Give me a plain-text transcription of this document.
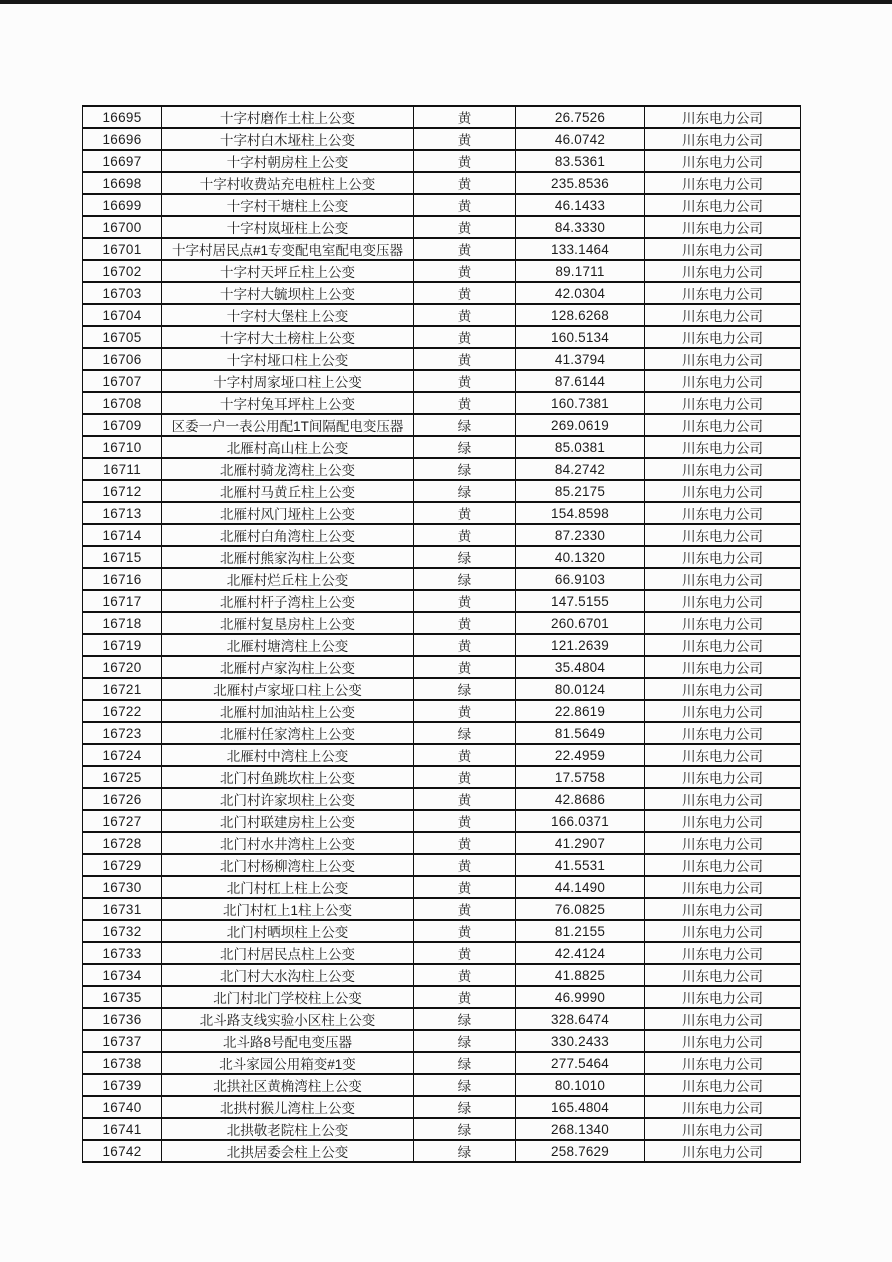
16695	十字村磨作土柱上公变	黄	26.7526	川东电力公司
16696	十字村白木垭柱上公变	黄	46.0742	川东电力公司
16697	十字村朝房柱上公变	黄	83.5361	川东电力公司
16698	十字村收费站充电桩柱上公变	黄	235.8536	川东电力公司
16699	十字村干塘柱上公变	黄	46.1433	川东电力公司
16700	十字村岚垭柱上公变	黄	84.3330	川东电力公司
16701	十字村居民点#1专变配电室配电变压器	黄	133.1464	川东电力公司
16702	十字村天坪丘柱上公变	黄	89.1711	川东电力公司
16703	十字村大毓坝柱上公变	黄	42.0304	川东电力公司
16704	十字村大堡柱上公变	黄	128.6268	川东电力公司
16705	十字村大土榜柱上公变	黄	160.5134	川东电力公司
16706	十字村垭口柱上公变	黄	41.3794	川东电力公司
16707	十字村周家垭口柱上公变	黄	87.6144	川东电力公司
16708	十字村兔耳坪柱上公变	黄	160.7381	川东电力公司
16709	区委一户一表公用配1T间隔配电变压器	绿	269.0619	川东电力公司
16710	北雁村高山柱上公变	绿	85.0381	川东电力公司
16711	北雁村骑龙湾柱上公变	绿	84.2742	川东电力公司
16712	北雁村马黄丘柱上公变	绿	85.2175	川东电力公司
16713	北雁村风门垭柱上公变	黄	154.8598	川东电力公司
16714	北雁村白角湾柱上公变	黄	87.2330	川东电力公司
16715	北雁村熊家沟柱上公变	绿	40.1320	川东电力公司
16716	北雁村烂丘柱上公变	绿	66.9103	川东电力公司
16717	北雁村杆子湾柱上公变	黄	147.5155	川东电力公司
16718	北雁村复垦房柱上公变	黄	260.6701	川东电力公司
16719	北雁村塘湾柱上公变	黄	121.2639	川东电力公司
16720	北雁村卢家沟柱上公变	黄	35.4804	川东电力公司
16721	北雁村卢家垭口柱上公变	绿	80.0124	川东电力公司
16722	北雁村加油站柱上公变	黄	22.8619	川东电力公司
16723	北雁村任家湾柱上公变	绿	81.5649	川东电力公司
16724	北雁村中湾柱上公变	黄	22.4959	川东电力公司
16725	北门村鱼跳坎柱上公变	黄	17.5758	川东电力公司
16726	北门村许家坝柱上公变	黄	42.8686	川东电力公司
16727	北门村联建房柱上公变	黄	166.0371	川东电力公司
16728	北门村水井湾柱上公变	黄	41.2907	川东电力公司
16729	北门村杨柳湾柱上公变	黄	41.5531	川东电力公司
16730	北门村杠上柱上公变	黄	44.1490	川东电力公司
16731	北门村杠上1柱上公变	黄	76.0825	川东电力公司
16732	北门村晒坝柱上公变	黄	81.2155	川东电力公司
16733	北门村居民点柱上公变	黄	42.4124	川东电力公司
16734	北门村大水沟柱上公变	黄	41.8825	川东电力公司
16735	北门村北门学校柱上公变	黄	46.9990	川东电力公司
16736	北斗路支线实验小区柱上公变	绿	328.6474	川东电力公司
16737	北斗路8号配电变压器	绿	330.2433	川东电力公司
16738	北斗家园公用箱变#1变	绿	277.5464	川东电力公司
16739	北拱社区黄桷湾柱上公变	绿	80.1010	川东电力公司
16740	北拱村猴儿湾柱上公变	绿	165.4804	川东电力公司
16741	北拱敬老院柱上公变	绿	268.1340	川东电力公司
16742	北拱居委会柱上公变	绿	258.7629	川东电力公司
